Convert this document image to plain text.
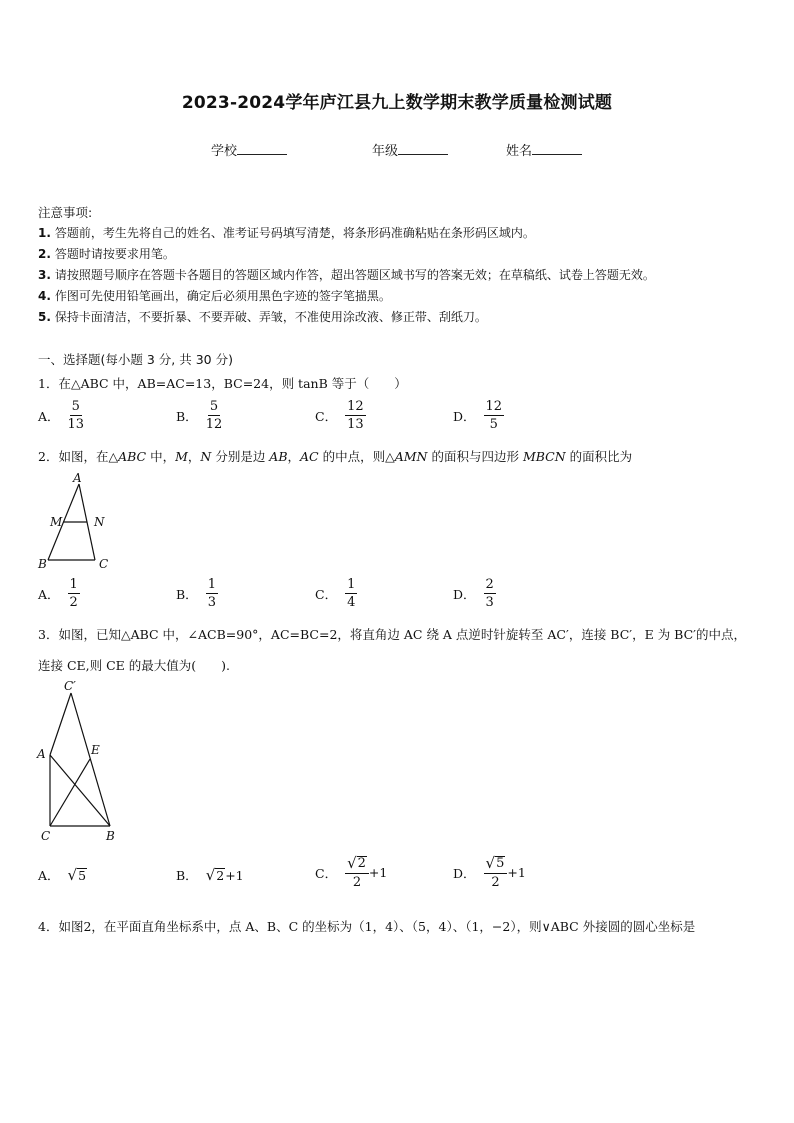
2023-2024学年庐江县九上数学期末教学质量检测试题
学校	年级	姓名
注意事项:
1. 答题前，考生先将自己的姓名、准考证号码填写清楚，将条形码准确粘贴在条形码区域内。
2. 答题时请按要求用笔。
3. 请按照题号顺序在答题卡各题目的答题区域内作答，超出答题区域书写的答案无效；在草稿纸、试卷上答题无效。
4. 作图可先使用铅笔画出，确定后必须用黑色字迹的签字笔描黑。
5. 保持卡面清洁，不要折暴、不要弄破、弄皱，不准使用涂改液、修正带、刮纸刀。
一、选择题(每小题 3 分, 共 30 分)
1．在△ABC 中，AB=AC=13，BC=24，则 tanB 等于（　　）
A． $\frac{5}{13}$	B． $\frac{5}{12}$	C． $\frac{12}{13}$	D． $\frac{12}{5}$
2．如图，在△ABC 中，M，N 分别是边 AB，AC 的中点，则△AMN 的面积与四边形 MBCN 的面积比为
A
M	N
B	C
A． $\frac{1}{2}$	B． $\frac{1}{3}$	C． $\frac{1}{4}$	D． $\frac{2}{3}$
3．如图，已知△ABC 中，∠ACB=90°，AC=BC=2，将直角边 AC 绕 A 点逆时针旋转至 AC′，连接 BC′，E 为 BC′的中点，
连接 CE,则 CE 的最大值为(　　).
C′
A	E
C	B
A． √ 5	B． √ 2 +1	C． $\frac{√ 2}{2} +1$	D． $\frac{√ 5}{2} +1$
4．如图2，在平面直角坐标系中，点 A、B、C 的坐标为（1，4）、（5，4）、（1，−2），则∨ABC 外接圆的圆心坐标是
